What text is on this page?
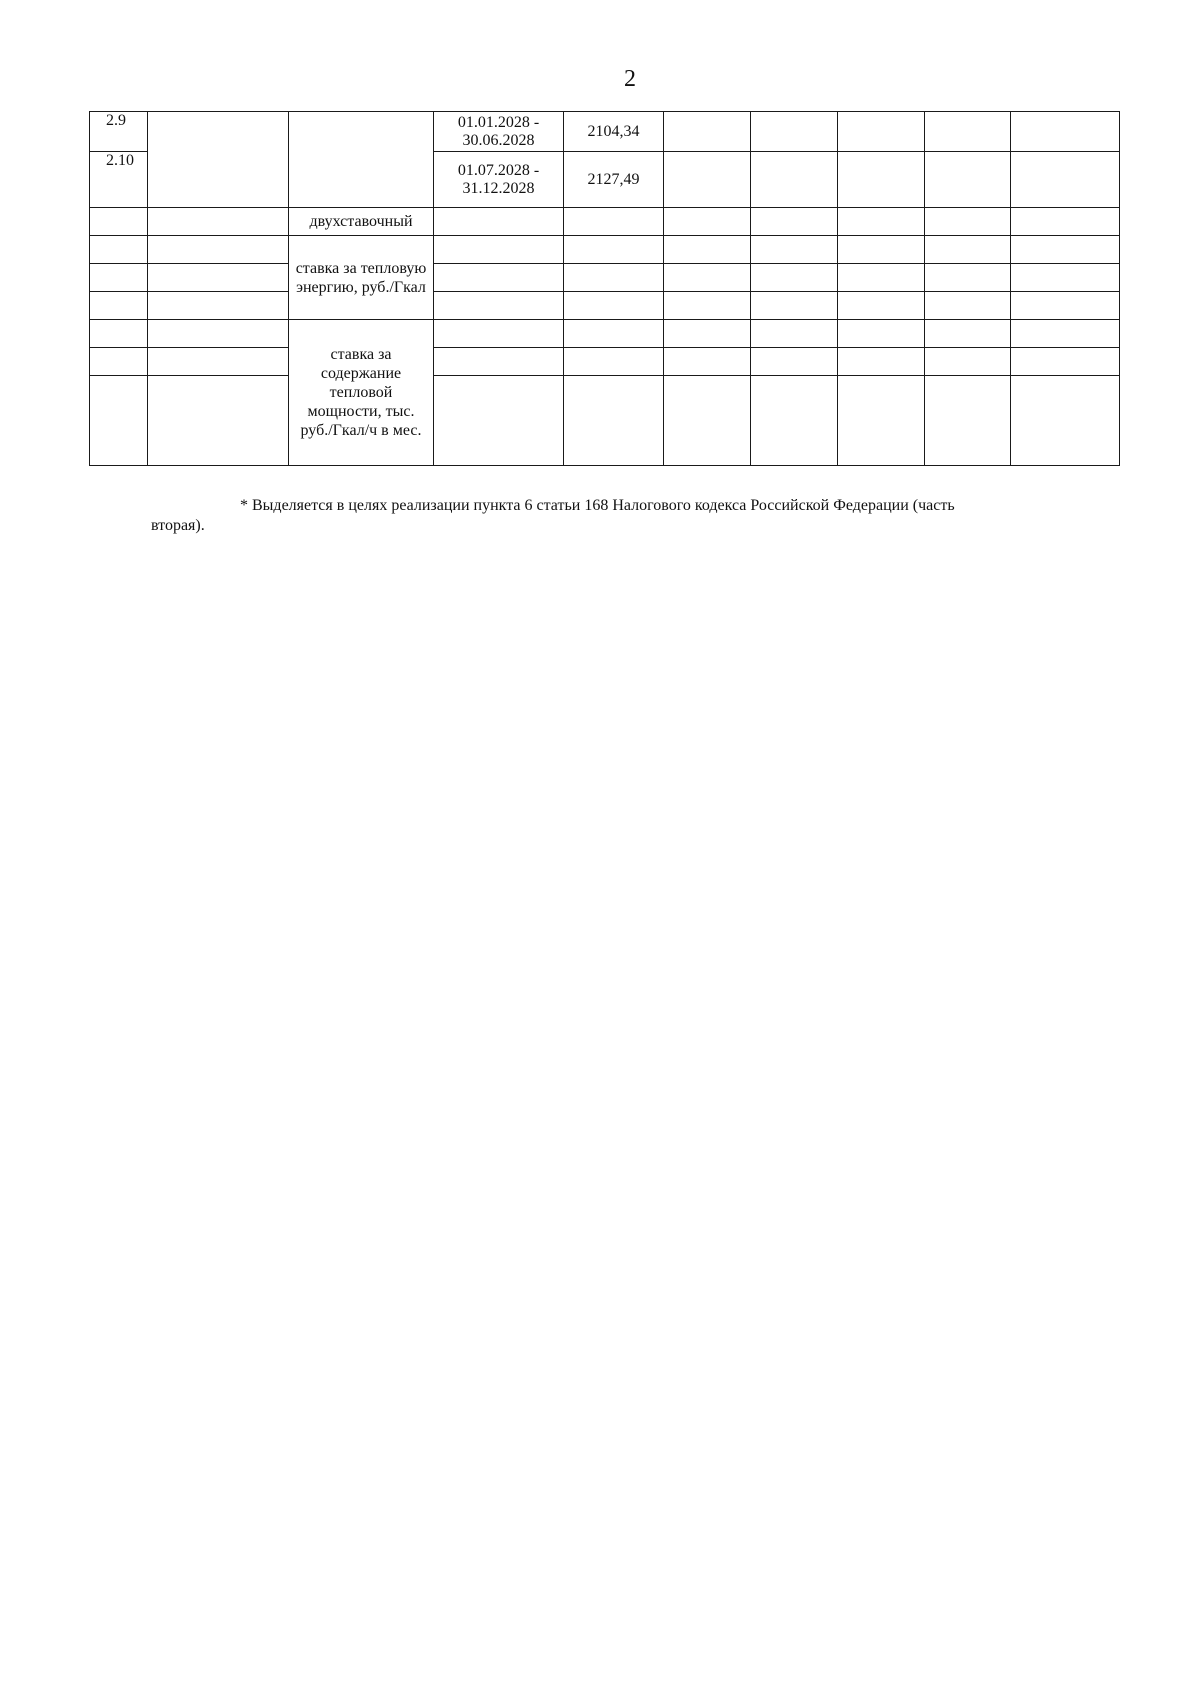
2
2.9			01.01.2028 - 30.06.2028	2104,34					
2.10			01.07.2028 - 31.12.2028	2127,49					
		двухставочный							
		ставка за тепловую энергию, руб./Гкал							

		ставка за содержание тепловой мощности, тыс. руб./Гкал/ч в мес.							

* Выделяется в целях реализации пункта 6 статьи 168 Налогового кодекса Российской Федерации (часть
вторая).
